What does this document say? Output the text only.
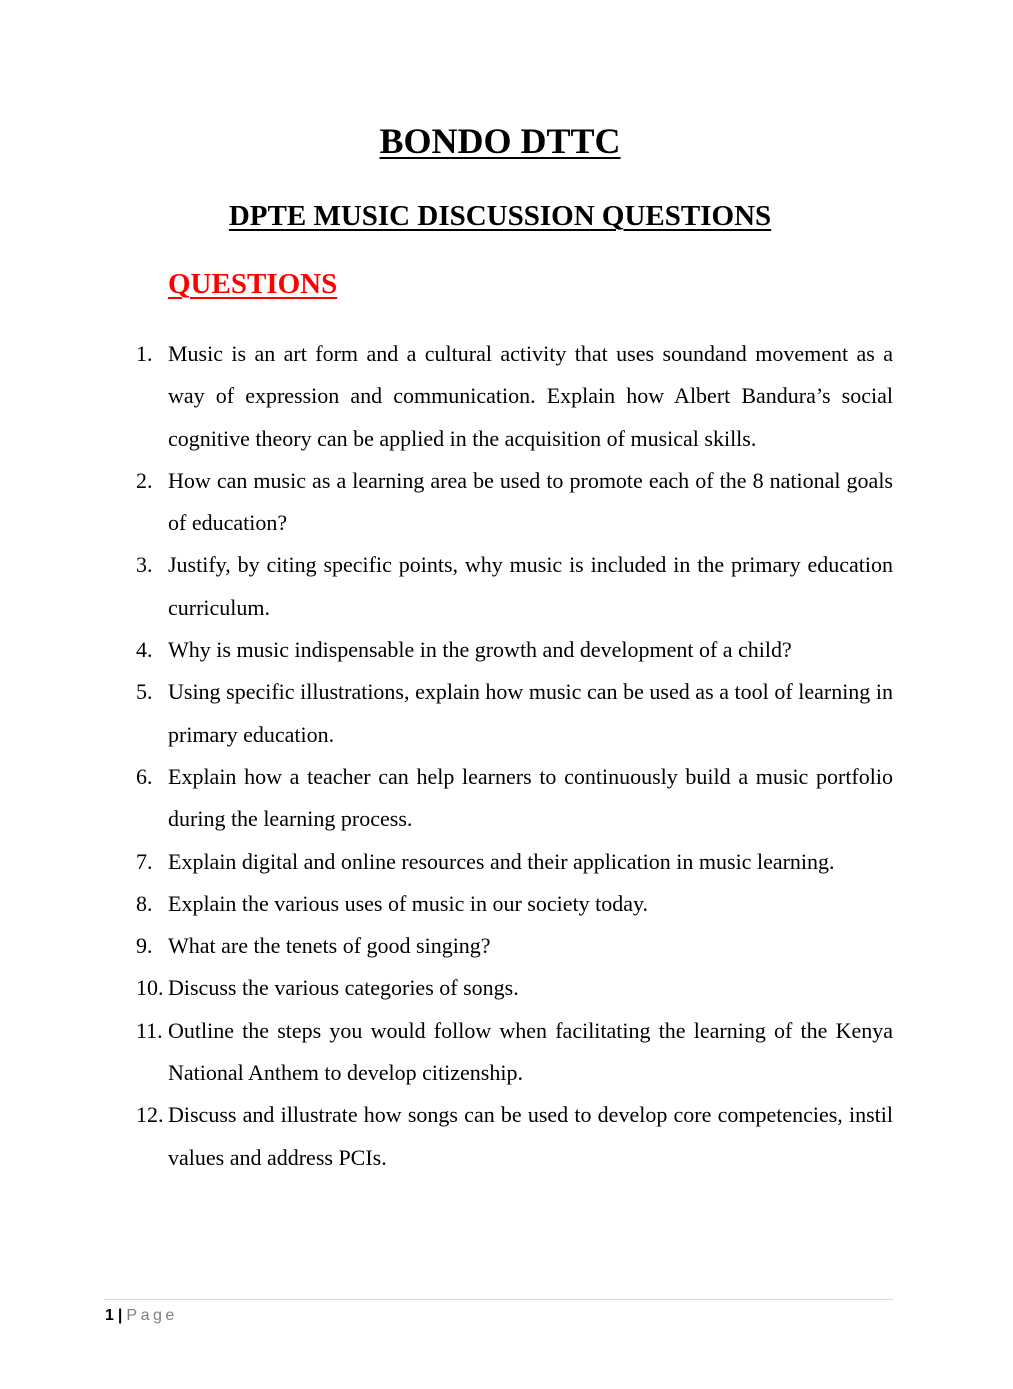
BONDO DTTC
DPTE MUSIC DISCUSSION QUESTIONS
QUESTIONS
1. Music is an art form and a cultural activity that uses soundand movement as a way of expression and communication. Explain how Albert Bandura’s social cognitive theory can be applied in the acquisition of musical skills.
2. How can music as a learning area be used to promote each of the 8 national goals of education?
3. Justify, by citing specific points, why music is included in the primary education curriculum.
4. Why is music indispensable in the growth and development of a child?
5. Using specific illustrations, explain how music can be used as a tool of learning in primary education.
6. Explain how a teacher can help learners to continuously build a music portfolio during the learning process.
7. Explain digital and online resources and their application in music learning.
8. Explain the various uses of music in our society today.
9. What are the tenets of good singing?
10. Discuss the various categories of songs.
11. Outline the steps you would follow when facilitating the learning of the Kenya National Anthem to develop citizenship.
12. Discuss and illustrate how songs can be used to develop core competencies, instil values and address PCIs.
1 | Page
